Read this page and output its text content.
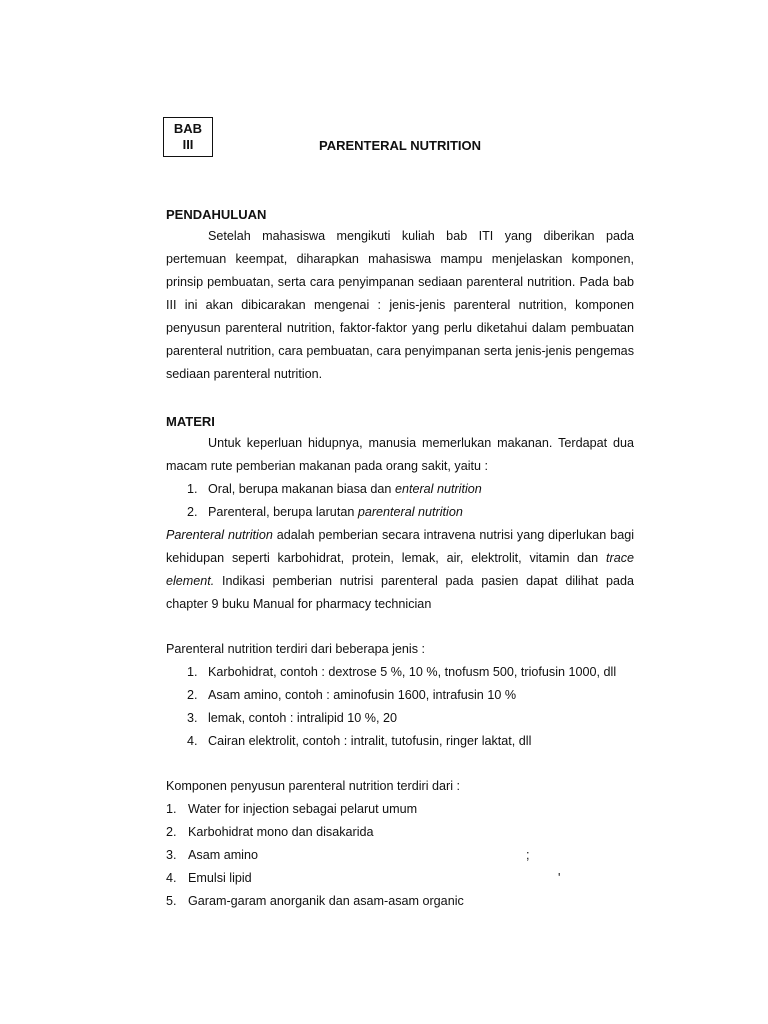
BAB
III	PARENTERAL NUTRITION

PENDAHULUAN

Setelah mahasiswa mengikuti kuliah bab ITI yang diberikan pada pertemuan keempat, diharapkan mahasiswa mampu menjelaskan komponen, prinsip pembuatan, serta cara penyimpanan sediaan parenteral nutrition. Pada bab III ini akan dibicarakan mengenai : jenis-jenis parenteral nutrition, komponen penyusun parenteral nutrition, faktor-faktor yang perlu diketahui dalam pembuatan parenteral nutrition, cara pembuatan, cara penyimpanan serta jenis-jenis pengemas sediaan parenteral nutrition.

MATERI

Untuk keperluan hidupnya, manusia memerlukan makanan. Terdapat dua macam rute pemberian makanan pada orang sakit, yaitu :

1. Oral, berupa makanan biasa dan enteral nutrition
2. Parenteral, berupa larutan parenteral nutrition

Parenteral nutrition adalah pemberian secara intravena nutrisi yang diperlukan bagi kehidupan seperti karbohidrat, protein, lemak, air, elektrolit, vitamin dan trace element. Indikasi pemberian nutrisi parenteral pada pasien dapat dilihat pada chapter 9 buku Manual for pharmacy technician

Parenteral nutrition terdiri dari beberapa jenis :
1. Karbohidrat, contoh : dextrose 5 %, 10 %, tnofusm 500, triofusin 1000, dll
2. Asam amino, contoh : aminofusin 1600, intrafusin 10 %
3. lemak, contoh : intralipid 10 %, 20
4. Cairan elektrolit, contoh : intralit, tutofusin, ringer laktat, dll
Komponen penyusun parenteral nutrition terdiri dari :
1. Water for injection sebagai pelarut umum
2. Karbohidrat mono dan disakarida
3. Asam amino	;
4. Emulsi lipid	'
5. Garam-garam anorganik dan asam-asam organic
